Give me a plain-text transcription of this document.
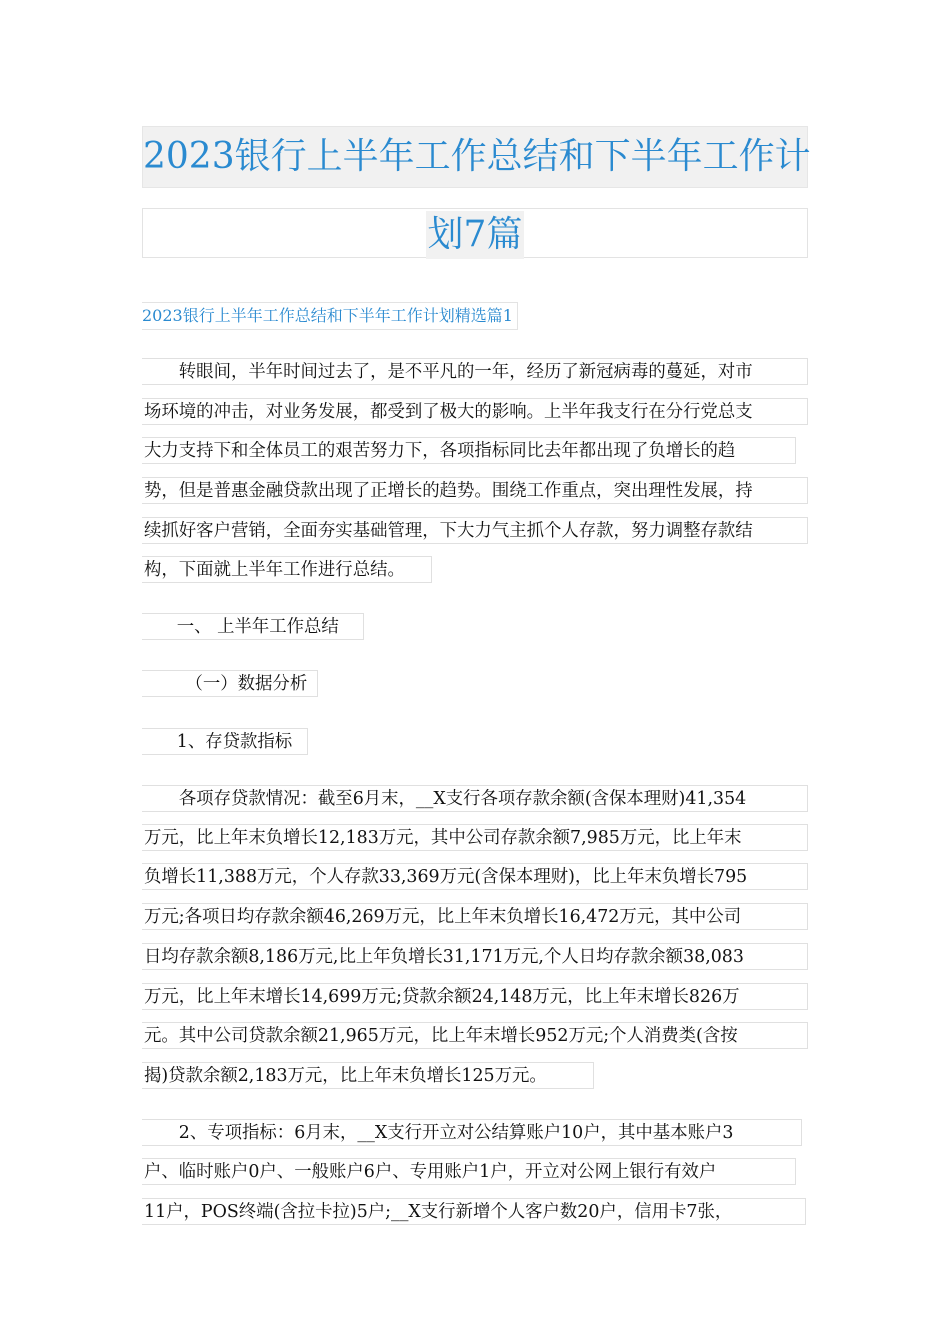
2023银行上半年工作总结和下半年工作计
划7篇
2023银行上半年工作总结和下半年工作计划精选篇1
　　转眼间，半年时间过去了，是不平凡的一年，经历了新冠病毒的蔓延，对市
场环境的冲击，对业务发展，都受到了极大的影响。上半年我支行在分行党总支
大力支持下和全体员工的艰苦努力下，各项指标同比去年都出现了负增长的趋
势，但是普惠金融贷款出现了正增长的趋势。围绕工作重点，突出理性发展，持
续抓好客户营销，全面夯实基础管理，下大力气主抓个人存款，努力调整存款结
构，下面就上半年工作进行总结。
　　一、 上半年工作总结
　　　（一）数据分析
　　1、存贷款指标
　　各项存贷款情况：截至6月末，__X支行各项存款余额(含保本理财)41,354
万元，比上年末负增长12,183万元，其中公司存款余额7,985万元，比上年末
负增长11,388万元，个人存款33,369万元(含保本理财)，比上年末负增长795
万元;各项日均存款余额46,269万元，比上年末负增长16,472万元，其中公司
日均存款余额8,186万元,比上年负增长31,171万元,个人日均存款余额38,083
万元，比上年末增长14,699万元;贷款余额24,148万元，比上年末增长826万
元。其中公司贷款余额21,965万元，比上年末增长952万元;个人消费类(含按
揭)贷款余额2,183万元，比上年末负增长125万元。
　　2、专项指标：6月末，__X支行开立对公结算账户10户，其中基本账户3
户、临时账户0户、一般账户6户、专用账户1户，开立对公网上银行有效户
11户，POS终端(含拉卡拉)5户;__X支行新增个人客户数20户，信用卡7张，
